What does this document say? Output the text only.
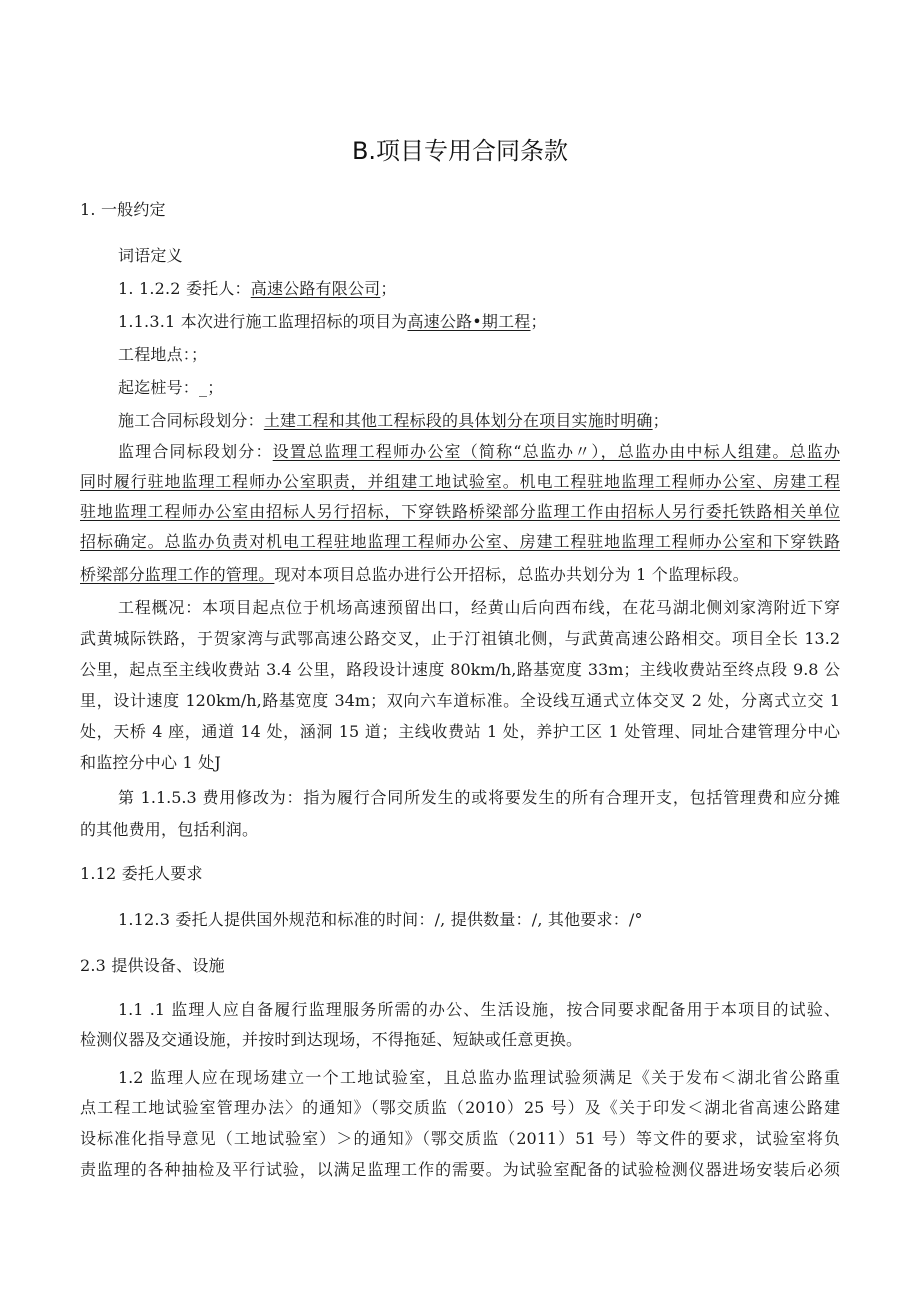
B.项目专用合同条款
1. 一般约定
词语定义
1. 1.2.2 委托人：高速公路有限公司；
1.1.3.1 本次进行施工监理招标的项目为高速公路•期工程；
工程地点：；
起迄桩号：_；
施工合同标段划分：土建工程和其他工程标段的具体划分在项目实施时明确；
监理合同标段划分：设置总监理工程师办公室（简称“总监办〃），总监办由中标人组建。总监办
同时履行驻地监理工程师办公室职责，并组建工地试验室。机电工程驻地监理工程师办公室、房建工程
驻地监理工程师办公室由招标人另行招标，下穿铁路桥梁部分监理工作由招标人另行委托铁路相关单位
招标确定。总监办负责对机电工程驻地监理工程师办公室、房建工程驻地监理工程师办公室和下穿铁路
桥梁部分监理工作的管理。现对本项目总监办进行公开招标，总监办共划分为 1 个监理标段。
工程概况：本项目起点位于机场高速预留出口，经黄山后向西布线，在花马湖北侧刘家湾附近下穿
武黄城际铁路，于贺家湾与武鄂高速公路交叉，止于汀祖镇北侧，与武黄高速公路相交。项目全长 13.2
公里，起点至主线收费站 3.4 公里，路段设计速度 80km∕h,路基宽度 33m；主线收费站至终点段 9.8 公
里，设计速度 120km∕h,路基宽度 34m；双向六车道标准。全设线互通式立体交叉 2 处，分离式立交 1
处，天桥 4 座，通道 14 处，涵洞 15 道；主线收费站 1 处，养护工区 1 处管理、同址合建管理分中心
和监控分中心 1 处J
第 1.1.5.3 费用修改为：指为履行合同所发生的或将要发生的所有合理开支，包括管理费和应分摊
的其他费用，包括利润。
1.12 委托人要求
1.12.3 委托人提供国外规范和标准的时间：/, 提供数量：/, 其他要求：/°
2.3 提供设备、设施
1.1 .1 监理人应自备履行监理服务所需的办公、生活设施，按合同要求配备用于本项目的试验、
检测仪器及交通设施，并按时到达现场，不得拖延、短缺或任意更换。
1.2 监理人应在现场建立一个工地试验室，且总监办监理试验须满足《关于发布＜湖北省公路重
点工程工地试验室管理办法〉的通知》（鄂交质监（2010）25 号）及《关于印发＜湖北省高速公路建
设标准化指导意见（工地试验室）＞的通知》（鄂交质监（2011）51 号）等文件的要求，试验室将负
责监理的各种抽检及平行试验，以满足监理工作的需要。为试验室配备的试验检测仪器进场安装后必须
